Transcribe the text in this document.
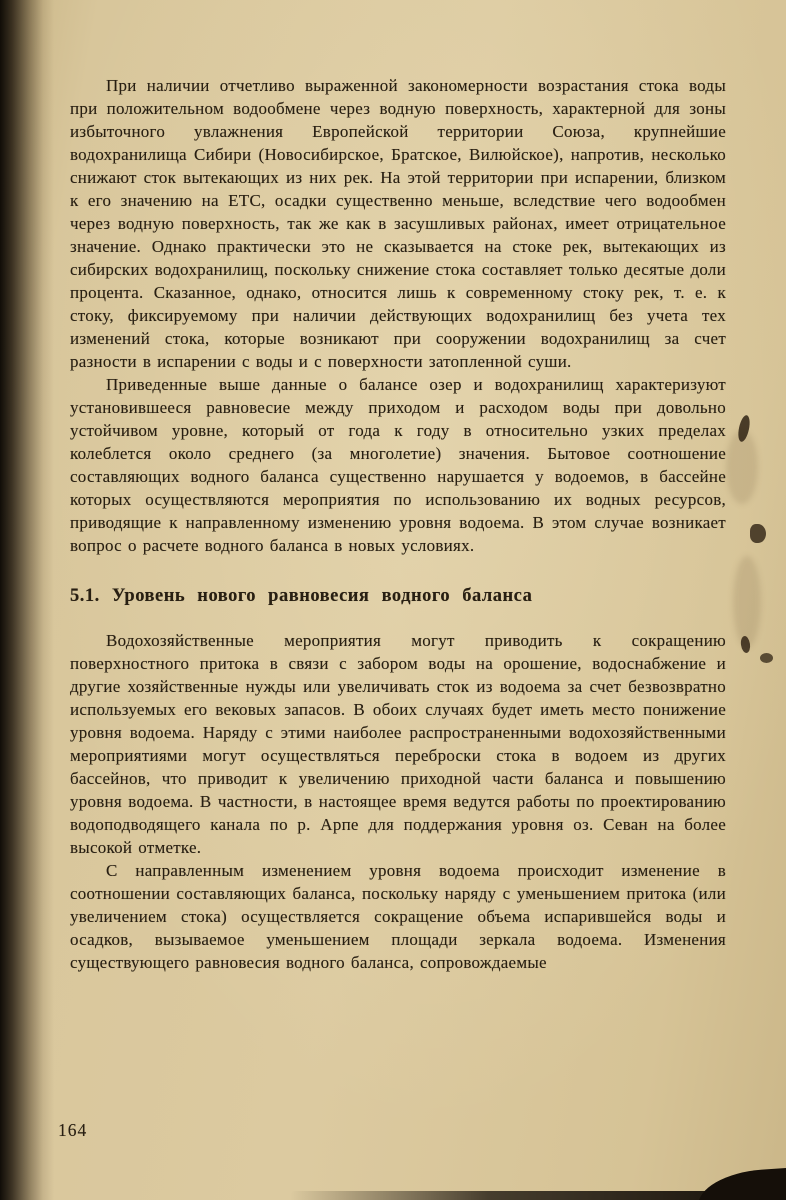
При наличии отчетливо выраженной закономерности возрастания стока воды при положительном водообмене через водную поверхность, характерной для зоны избыточного увлажнения Европейской территории Союза, крупнейшие водохранилища Сибири (Новосибирское, Братское, Вилюйское), напротив, несколько снижают сток вытекающих из них рек. На этой территории при испарении, близком к его значению на ЕТС, осадки существенно меньше, вследствие чего водообмен через водную поверхность, так же как в засушливых районах, имеет отрицательное значение. Однако практически это не сказывается на стоке рек, вытекающих из сибирских водохранилищ, поскольку снижение стока составляет только десятые доли процента. Сказанное, однако, относится лишь к современному стоку рек, т. е. к стоку, фиксируемому при наличии действующих водохранилищ без учета тех изменений стока, которые возникают при сооружении водохранилищ за счет разности в испарении с воды и с поверхности затопленной суши.

Приведенные выше данные о балансе озер и водохранилищ характеризуют установившееся равновесие между приходом и расходом воды при довольно устойчивом уровне, который от года к году в относительно узких пределах колеблется около среднего (за многолетие) значения. Бытовое соотношение составляющих водного баланса существенно нарушается у водоемов, в бассейне которых осуществляются мероприятия по использованию их водных ресурсов, приводящие к направленному изменению уровня водоема. В этом случае возникает вопрос о расчете водного баланса в новых условиях.

5.1. Уровень нового равновесия водного баланса

Водохозяйственные мероприятия могут приводить к сокращению поверхностного притока в связи с забором воды на орошение, водоснабжение и другие хозяйственные нужды или увеличивать сток из водоема за счет безвозвратно используемых его вековых запасов. В обоих случаях будет иметь место понижение уровня водоема. Наряду с этими наиболее распространенными водохозяйственными мероприятиями могут осуществляться переброски стока в водоем из других бассейнов, что приводит к увеличению приходной части баланса и повышению уровня водоема. В частности, в настоящее время ведутся работы по проектированию водоподводящего канала по р. Арпе для поддержания уровня оз. Севан на более высокой отметке.

С направленным изменением уровня водоема происходит изменение в соотношении составляющих баланса, поскольку наряду с уменьшением притока (или увеличением стока) осуществляется сокращение объема испарившейся воды и осадков, вызываемое уменьшением площади зеркала водоема. Изменения существующего равновесия водного баланса, сопровождаемые

164
